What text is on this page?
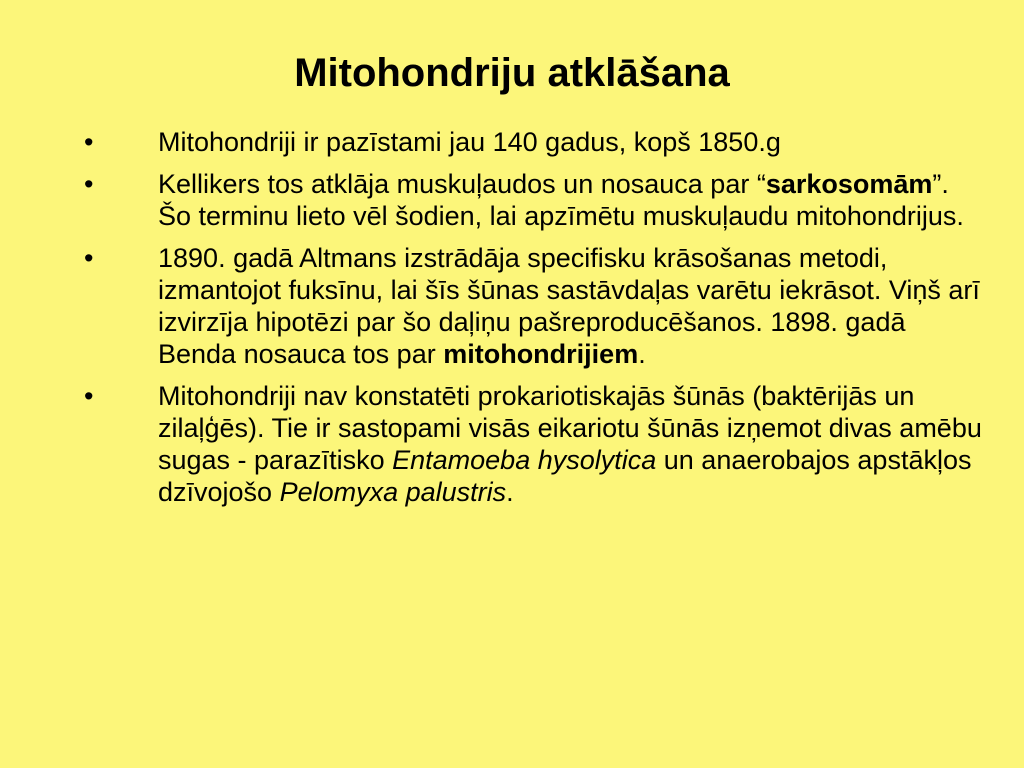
Mitohondriju atklāšana
•	Mitohondriji ir pazīstami jau 140 gadus, kopš 1850.g
•	Kellikers tos atklāja muskuļaudos un nosauca par “sarkosomām”. Šo terminu lieto vēl šodien, lai apzīmētu muskuļaudu mitohondrijus.
•	1890. gadā Altmans izstrādāja specifisku krāsošanas metodi, izmantojot fuksīnu, lai šīs šūnas sastāvdaļas varētu iekrāsot. Viņš arī izvirzīja hipotēzi par šo daļiņu pašreproducēšanos. 1898. gadā Benda nosauca tos par mitohondrijiem.
•	Mitohondriji nav konstatēti prokariotiskajās šūnās (baktērijās un zilaļģēs). Tie ir sastopami visās eikariotu šūnās izņemot divas amēbu sugas - parazītisko Entamoeba hysolytica un anaerobajos apstākļos dzīvojošo Pelomyxa palustris.
